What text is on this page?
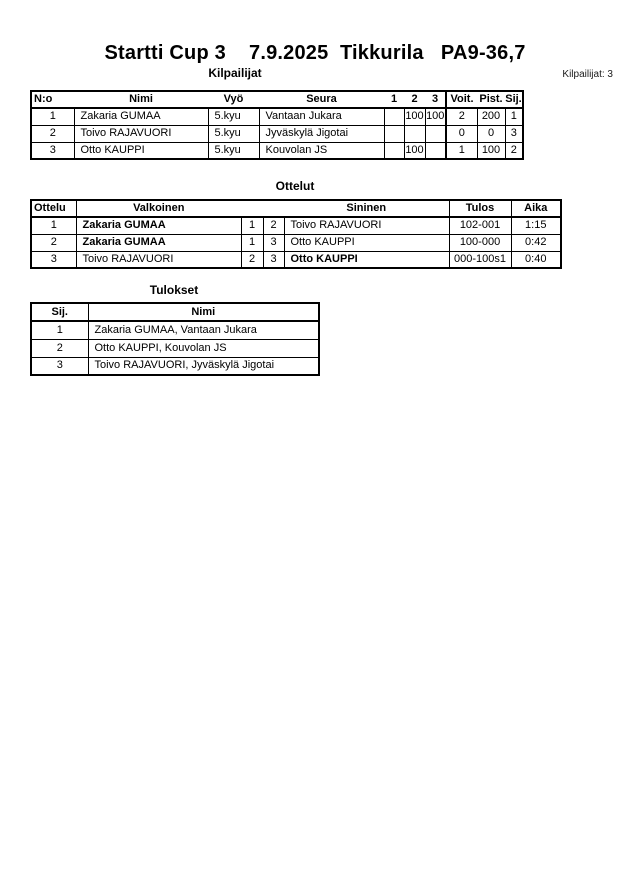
Startti Cup 3    7.9.2025  Tikkurila   PA9-36,7
Kilpailijat	Kilpailijat: 3
N:o	Nimi	Vyö	Seura	1	2	3	Voit.	Pist.	Sij.
1	Zakaria GUMAA	5.kyu	Vantaan Jukara		100	100	2	200	1
2	Toivo RAJAVUORI	5.kyu	Jyväskylä Jigotai				0	0	3
3	Otto KAUPPI	5.kyu	Kouvolan JS		100		1	100	2
Ottelut
Ottelu	Valkoinen			Sininen	Tulos	Aika
1	Zakaria GUMAA	1	2	Toivo RAJAVUORI	102-001	1:15
2	Zakaria GUMAA	1	3	Otto KAUPPI	100-000	0:42
3	Toivo RAJAVUORI	2	3	Otto KAUPPI	000-100s1	0:40
Tulokset
Sij.	Nimi
1	Zakaria GUMAA, Vantaan Jukara
2	Otto KAUPPI, Kouvolan JS
3	Toivo RAJAVUORI, Jyväskylä Jigotai
